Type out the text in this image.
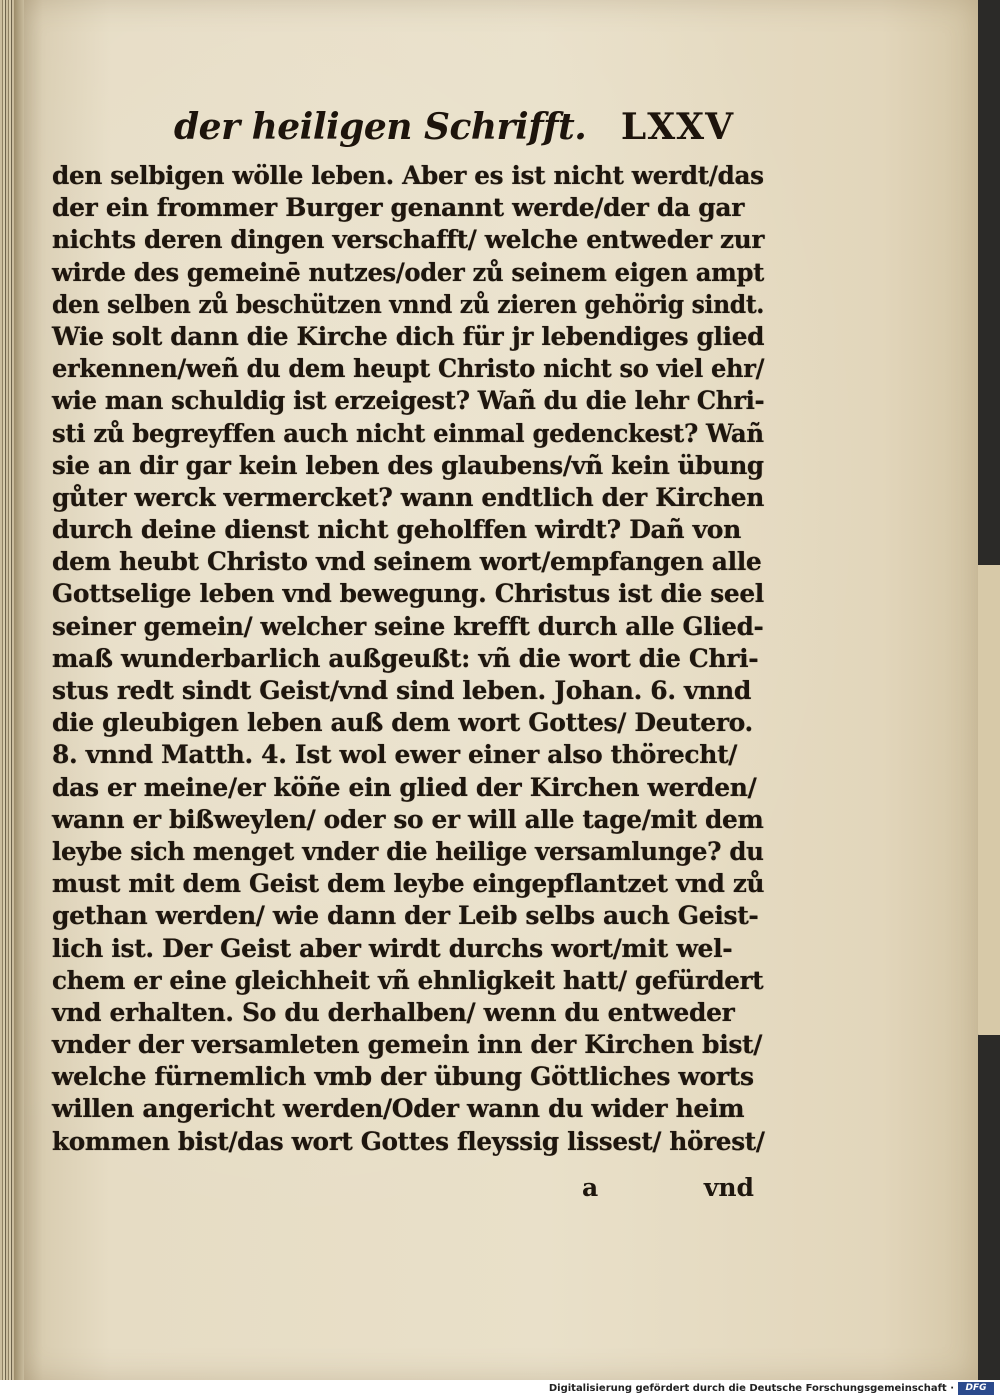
der heiligen Schrifft. LXXV
den selbigen wölle leben. Aber es ist nicht werdt/das
der ein frommer Burger genannt werde/der da gar
nichts deren dingen verschafft/ welche entweder zur
wirde des gemeinē nutzes/oder zů seinem eigen ampt
den selben zů beschützen vnnd zů zieren gehörig sindt.
Wie solt dann die Kirche dich für jr lebendiges glied
erkennen/weñ du dem heupt Christo nicht so viel ehr/
wie man schuldig ist erzeigest? Wañ du die lehr Chri-
sti zů begreyffen auch nicht einmal gedenckest? Wañ
sie an dir gar kein leben des glaubens/vñ kein übung
gůter werck vermercket? wann endtlich der Kirchen
durch deine dienst nicht geholffen wirdt? Dañ von
dem heubt Christo vnd seinem wort/empfangen alle
Gottselige leben vnd bewegung. Christus ist die seel
seiner gemein/ welcher seine krefft durch alle Glied-
maß wunderbarlich außgeußt: vñ die wort die Chri-
stus redt sindt Geist/vnd sind leben. Johan. 6. vnnd
die gleubigen leben auß dem wort Gottes/ Deutero.
8. vnnd Matth. 4. Ist wol ewer einer also thörecht/
das er meine/er köñe ein glied der Kirchen werden/
wann er bißweylen/ oder so er will alle tage/mit dem
leybe sich menget vnder die heilige versamlunge? du
must mit dem Geist dem leybe eingepflantzet vnd zů
gethan werden/ wie dann der Leib selbs auch Geist-
lich ist. Der Geist aber wirdt durchs wort/mit wel-
chem er eine gleichheit vñ ehnligkeit hatt/ gefürdert
vnd erhalten. So du derhalben/ wenn du entweder
vnder der versamleten gemein inn der Kirchen bist/
welche fürnemlich vmb der übung Göttliches worts
willen angericht werden/Oder wann du wider heim
kommen bist/das wort Gottes fleyssig lissest/ hörest/
a	vnd
Digitalisierung gefördert durch die Deutsche Forschungsgemeinschaft ·	DFG
